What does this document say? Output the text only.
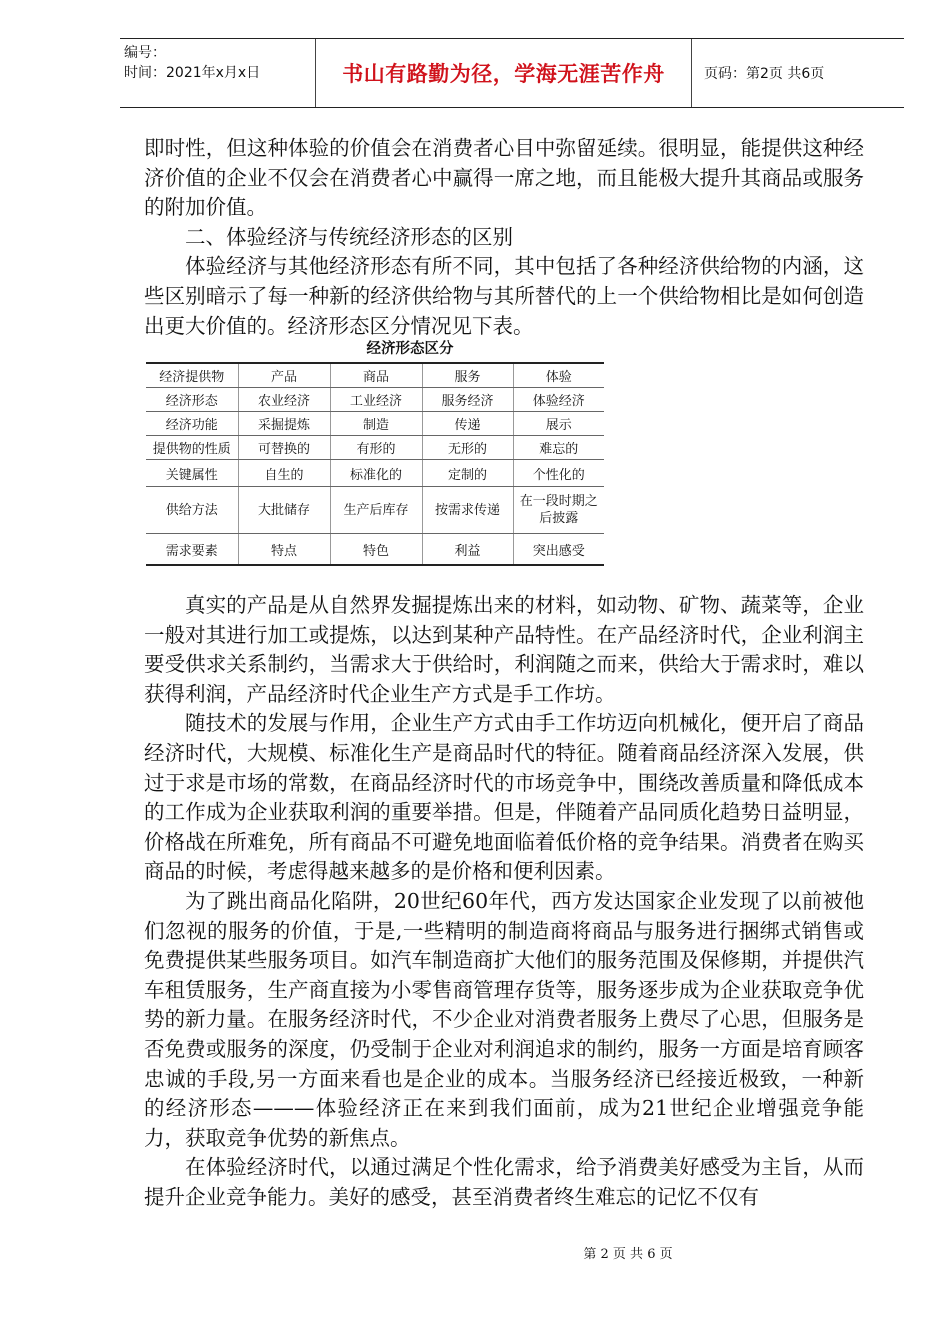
编号：
时间：2021年x月x日	书山有路勤为径，学海无涯苦作舟	页码：第2页 共6页

即时性，但这种体验的价值会在消费者心目中弥留延续。很明显，能提供这种经济价值的企业不仅会在消费者心中赢得一席之地，而且能极大提升其商品或服务的附加价值。

二、体验经济与传统经济形态的区别

体验经济与其他经济形态有所不同，其中包括了各种经济供给物的内涵，这些区别暗示了每一种新的经济供给物与其所替代的上一个供给物相比是如何创造出更大价值的。经济形态区分情况见下表。

经济形态区分
经济提供物	产品	商品	服务	体验
经济形态	农业经济	工业经济	服务经济	体验经济
经济功能	采掘提炼	制造	传递	展示
提供物的性质	可替换的	有形的	无形的	难忘的
关键属性	自生的	标准化的	定制的	个性化的
供给方法	大批储存	生产后库存	按需求传递	在一段时期之后披露
需求要素	特点	特色	利益	突出感受

真实的产品是从自然界发掘提炼出来的材料，如动物、矿物、蔬菜等，企业一般对其进行加工或提炼，以达到某种产品特性。在产品经济时代，企业利润主要受供求关系制约，当需求大于供给时，利润随之而来，供给大于需求时，难以获得利润，产品经济时代企业生产方式是手工作坊。

随技术的发展与作用，企业生产方式由手工作坊迈向机械化，便开启了商品经济时代，大规模、标准化生产是商品时代的特征。随着商品经济深入发展，供过于求是市场的常数，在商品经济时代的市场竞争中，围绕改善质量和降低成本的工作成为企业获取利润的重要举措。但是，伴随着产品同质化趋势日益明显，价格战在所难免，所有商品不可避免地面临着低价格的竞争结果。消费者在购买商品的时候，考虑得越来越多的是价格和便利因素。

为了跳出商品化陷阱，20世纪60年代，西方发达国家企业发现了以前被他们忽视的服务的价值，于是,一些精明的制造商将商品与服务进行捆绑式销售或免费提供某些服务项目。如汽车制造商扩大他们的服务范围及保修期，并提供汽车租赁服务，生产商直接为小零售商管理存货等，服务逐步成为企业获取竞争优势的新力量。在服务经济时代，不少企业对消费者服务上费尽了心思，但服务是否免费或服务的深度，仍受制于企业对利润追求的制约，服务一方面是培育顾客忠诚的手段,另一方面来看也是企业的成本。当服务经济已经接近极致，一种新的经济形态———体验经济正在来到我们面前，成为21世纪企业增强竞争能力，获取竞争优势的新焦点。

在体验经济时代，以通过满足个性化需求，给予消费美好感受为主旨，从而提升企业竞争能力。美好的感受，甚至消费者终生难忘的记忆不仅有

第 2 页 共 6 页
